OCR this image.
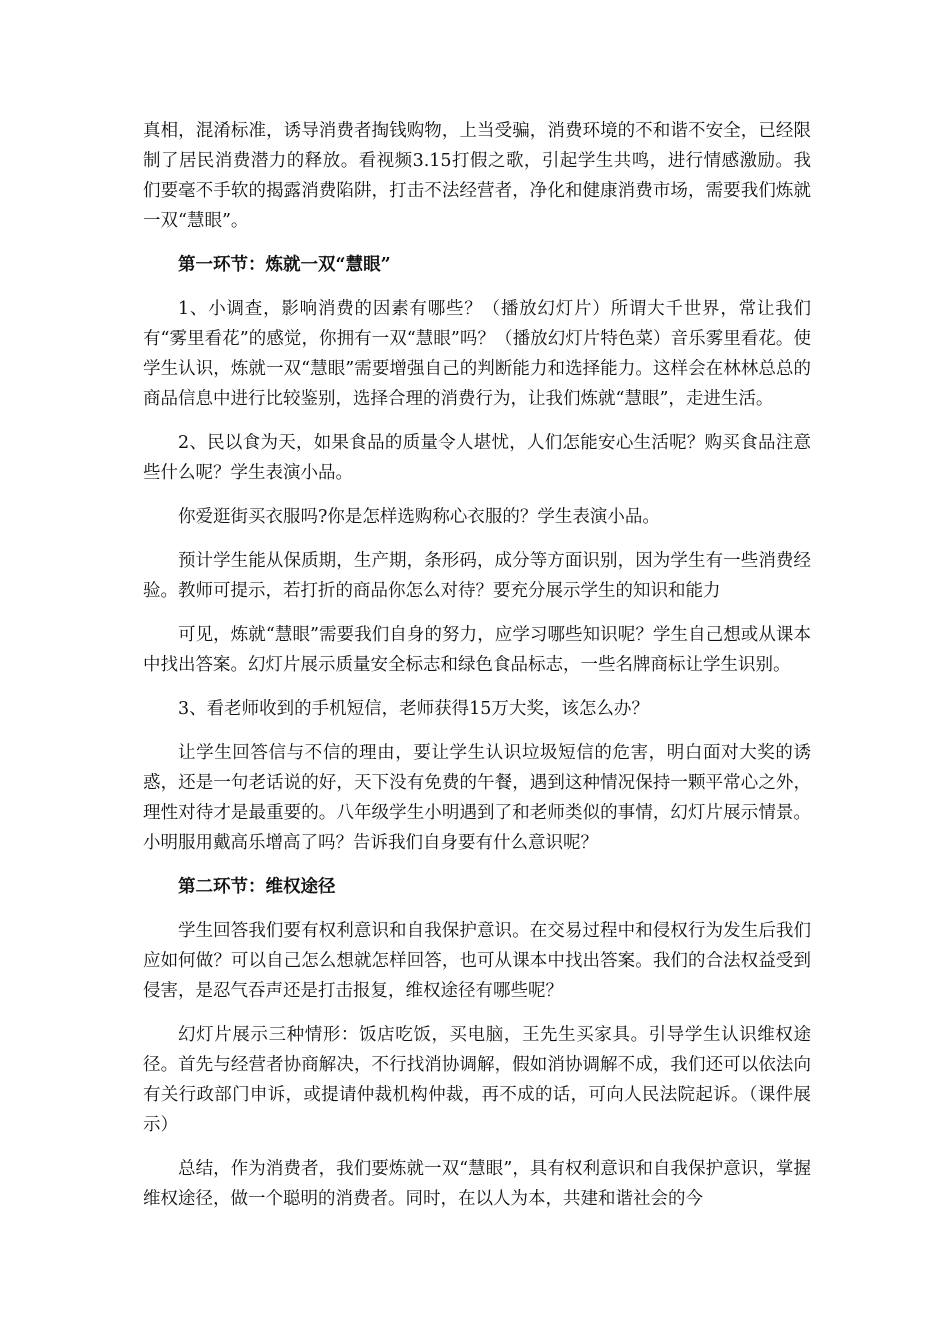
真相，混淆标准，诱导消费者掏钱购物，上当受骗，消费环境的不和谐不安全，已经限制了居民消费潜力的释放。看视频3.15打假之歌，引起学生共鸣，进行情感激励。我们要毫不手软的揭露消费陷阱，打击不法经营者，净化和健康消费市场，需要我们炼就一双“慧眼”。

第一环节：炼就一双“慧眼”

1、小调查，影响消费的因素有哪些？（播放幻灯片）所谓大千世界，常让我们有“雾里看花”的感觉，你拥有一双“慧眼”吗？（播放幻灯片特色菜）音乐雾里看花。使学生认识，炼就一双“慧眼”需要增强自己的判断能力和选择能力。这样会在林林总总的商品信息中进行比较鉴别，选择合理的消费行为，让我们炼就“慧眼”，走进生活。

2、民以食为天，如果食品的质量令人堪忧，人们怎能安心生活呢？购买食品注意些什么呢？学生表演小品。

你爱逛街买衣服吗?你是怎样选购称心衣服的？学生表演小品。

预计学生能从保质期，生产期，条形码，成分等方面识别，因为学生有一些消费经验。教师可提示，若打折的商品你怎么对待？要充分展示学生的知识和能力

可见，炼就“慧眼”需要我们自身的努力，应学习哪些知识呢？学生自己想或从课本中找出答案。幻灯片展示质量安全标志和绿色食品标志，一些名牌商标让学生识别。

3、看老师收到的手机短信，老师获得15万大奖，该怎么办？

让学生回答信与不信的理由，要让学生认识垃圾短信的危害，明白面对大奖的诱惑，还是一句老话说的好，天下没有免费的午餐，遇到这种情况保持一颗平常心之外，理性对待才是最重要的。八年级学生小明遇到了和老师类似的事情，幻灯片展示情景。小明服用戴高乐增高了吗？告诉我们自身要有什么意识呢？

第二环节：维权途径

学生回答我们要有权利意识和自我保护意识。在交易过程中和侵权行为发生后我们应如何做？可以自己怎么想就怎样回答，也可从课本中找出答案。我们的合法权益受到侵害，是忍气吞声还是打击报复，维权途径有哪些呢？

幻灯片展示三种情形：饭店吃饭，买电脑，王先生买家具。引导学生认识维权途径。首先与经营者协商解决，不行找消协调解，假如消协调解不成，我们还可以依法向有关行政部门申诉，或提请仲裁机构仲裁，再不成的话，可向人民法院起诉。（课件展示）

总结，作为消费者，我们要炼就一双“慧眼”，具有权利意识和自我保护意识，掌握维权途径，做一个聪明的消费者。同时，在以人为本，共建和谐社会的今
